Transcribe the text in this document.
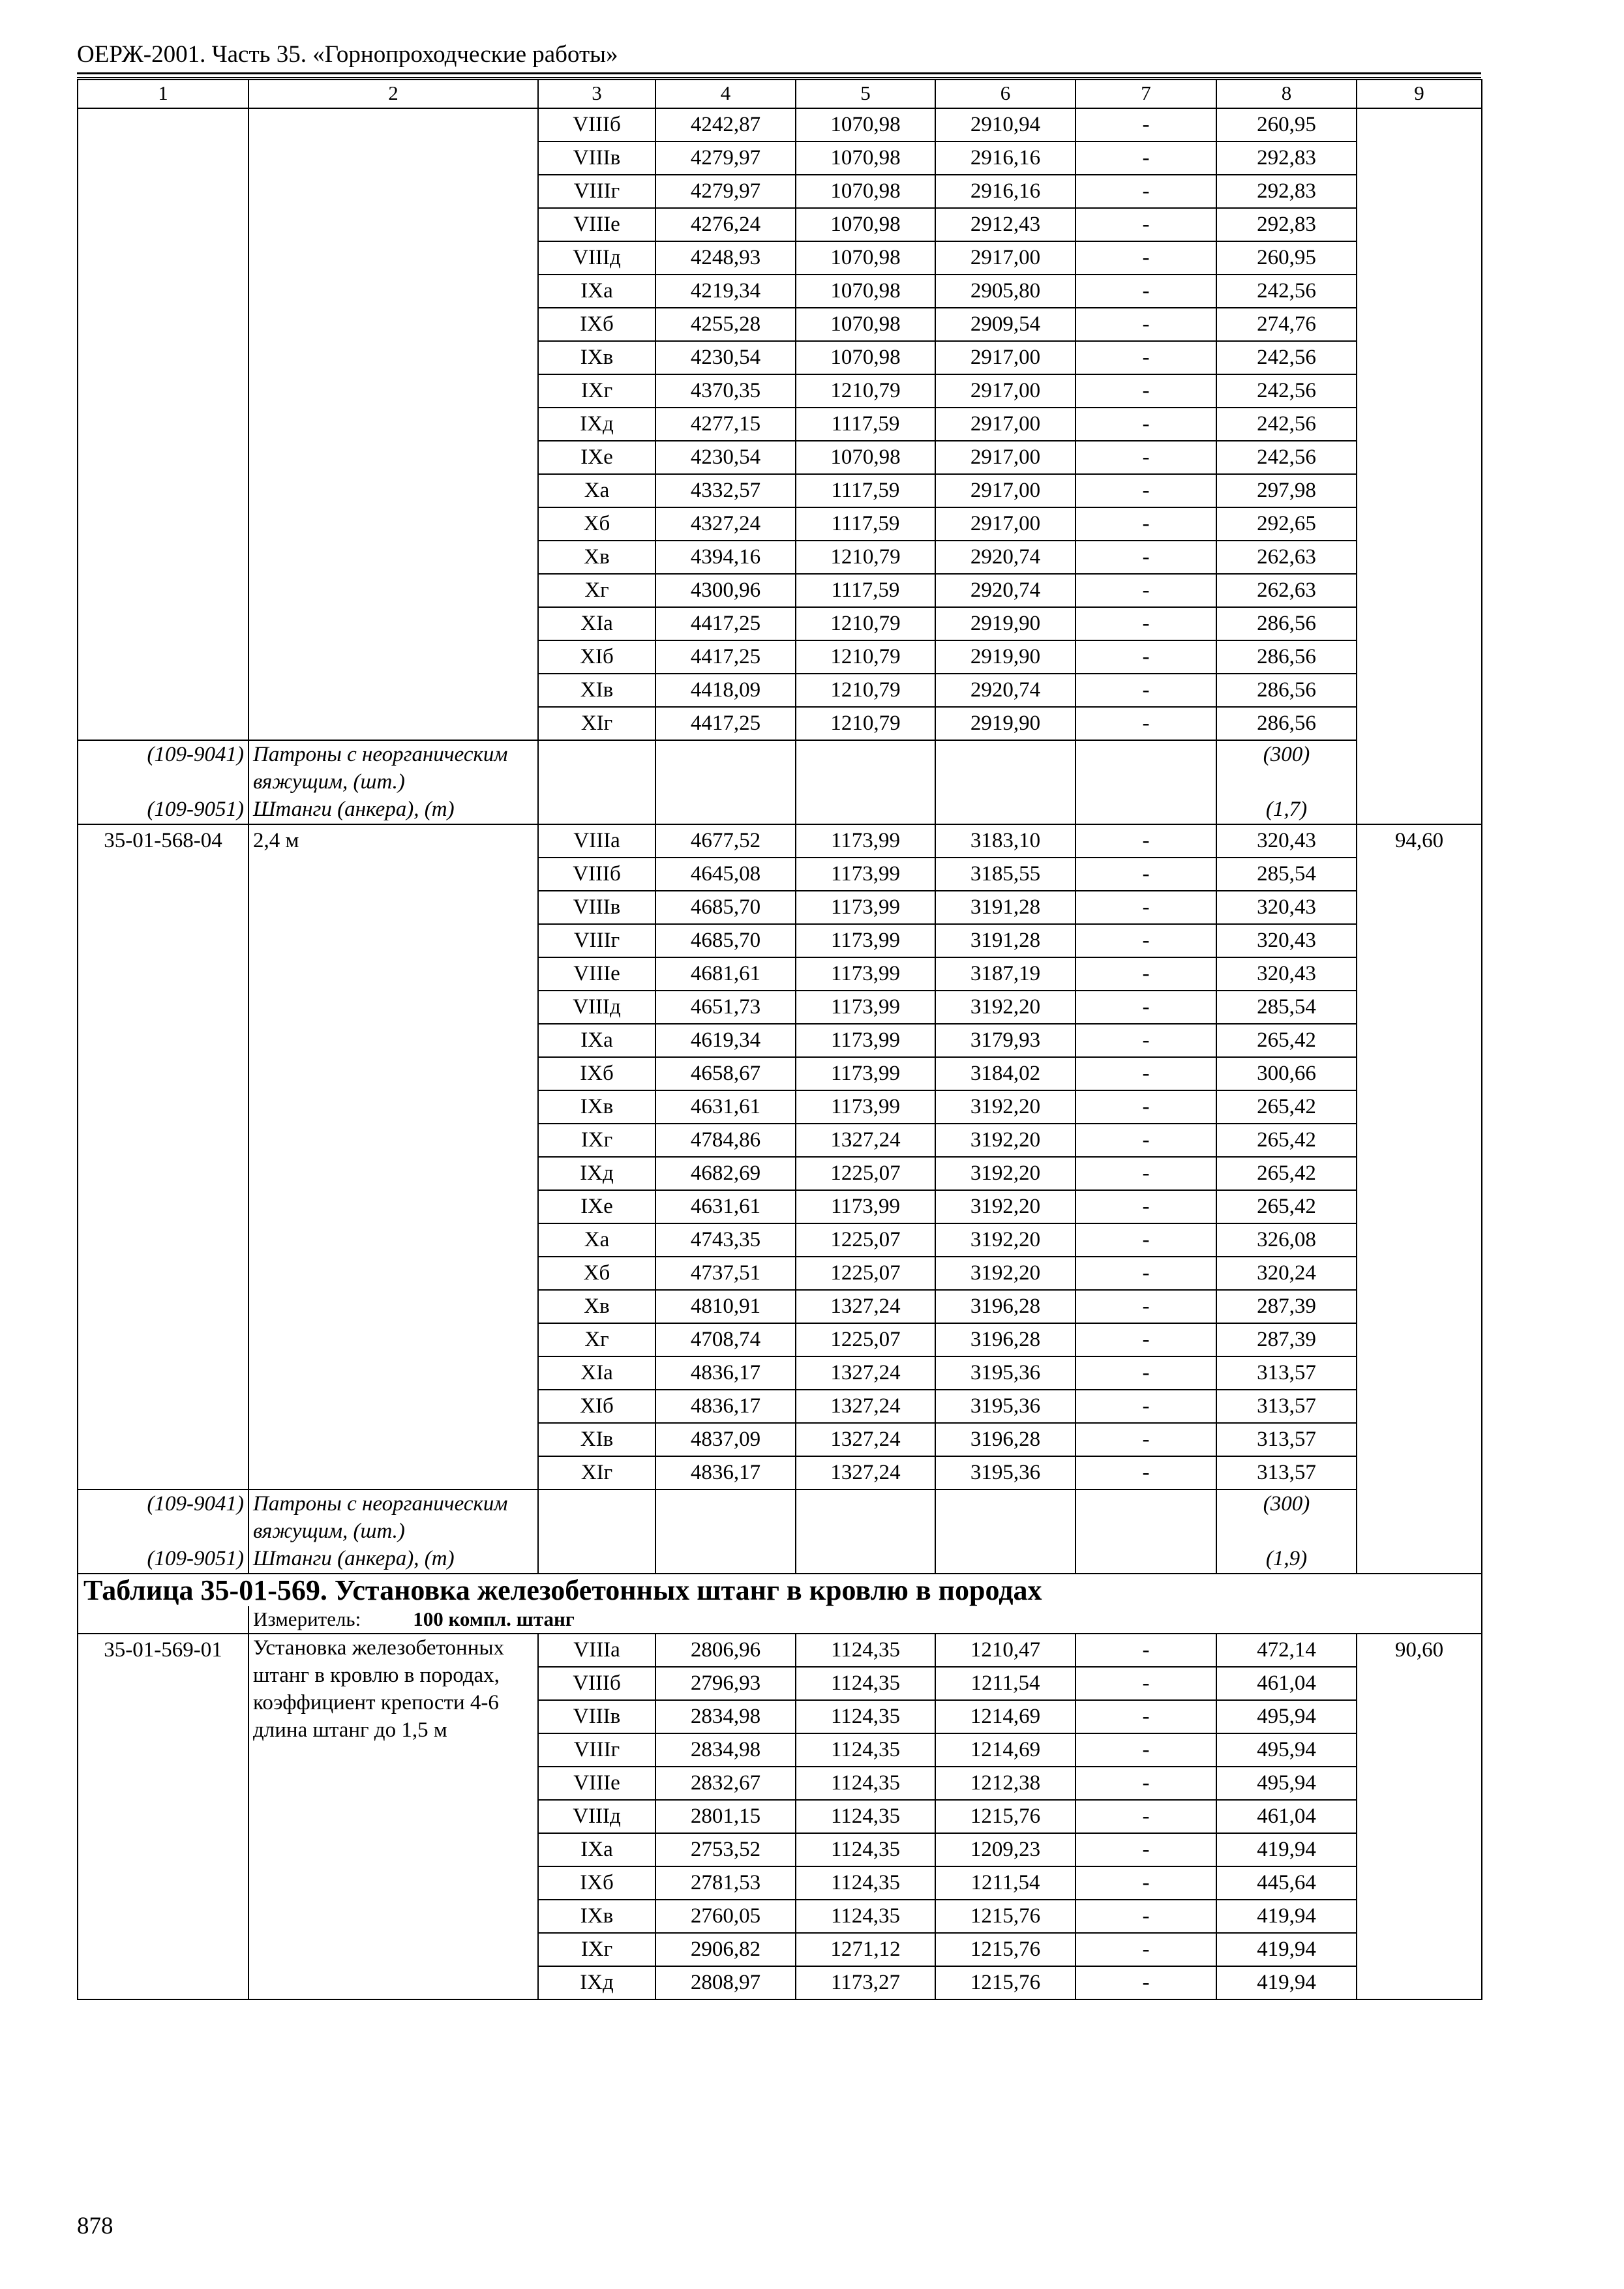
ОЕРЖ-2001. Часть 35. «Горнопроходческие работы»
1	2	3	4	5	6	7	8	9
		VIIIб	4242,87	1070,98	2910,94	-	260,95	
		VIIIв	4279,97	1070,98	2916,16	-	292,83	
		VIIIг	4279,97	1070,98	2916,16	-	292,83	
		VIIIе	4276,24	1070,98	2912,43	-	292,83	
		VIIIд	4248,93	1070,98	2917,00	-	260,95	
		IXа	4219,34	1070,98	2905,80	-	242,56	
		IXб	4255,28	1070,98	2909,54	-	274,76	
		IXв	4230,54	1070,98	2917,00	-	242,56	
		IXг	4370,35	1210,79	2917,00	-	242,56	
		IXд	4277,15	1117,59	2917,00	-	242,56	
		IXе	4230,54	1070,98	2917,00	-	242,56	
		Xа	4332,57	1117,59	2917,00	-	297,98	
		Xб	4327,24	1117,59	2917,00	-	292,65	
		Xв	4394,16	1210,79	2920,74	-	262,63	
		Xг	4300,96	1117,59	2920,74	-	262,63	
		XIа	4417,25	1210,79	2919,90	-	286,56	
		XIб	4417,25	1210,79	2919,90	-	286,56	
		XIв	4418,09	1210,79	2920,74	-	286,56	
		XIг	4417,25	1210,79	2919,90	-	286,56	
(109-9041)	Патроны с неорганическим вяжущим, (шт.)						(300)	
(109-9051)	Штанги (анкера), (т)						(1,7)	
35-01-568-04	2,4 м	VIIIа	4677,52	1173,99	3183,10	-	320,43	94,60
		VIIIб	4645,08	1173,99	3185,55	-	285,54	
		VIIIв	4685,70	1173,99	3191,28	-	320,43	
		VIIIг	4685,70	1173,99	3191,28	-	320,43	
		VIIIе	4681,61	1173,99	3187,19	-	320,43	
		VIIIд	4651,73	1173,99	3192,20	-	285,54	
		IXа	4619,34	1173,99	3179,93	-	265,42	
		IXб	4658,67	1173,99	3184,02	-	300,66	
		IXв	4631,61	1173,99	3192,20	-	265,42	
		IXг	4784,86	1327,24	3192,20	-	265,42	
		IXд	4682,69	1225,07	3192,20	-	265,42	
		IXе	4631,61	1173,99	3192,20	-	265,42	
		Xа	4743,35	1225,07	3192,20	-	326,08	
		Xб	4737,51	1225,07	3192,20	-	320,24	
		Xв	4810,91	1327,24	3196,28	-	287,39	
		Xг	4708,74	1225,07	3196,28	-	287,39	
		XIа	4836,17	1327,24	3195,36	-	313,57	
		XIб	4836,17	1327,24	3195,36	-	313,57	
		XIв	4837,09	1327,24	3196,28	-	313,57	
		XIг	4836,17	1327,24	3195,36	-	313,57	
(109-9041)	Патроны с неорганическим вяжущим, (шт.)						(300)	
(109-9051)	Штанги (анкера), (т)						(1,9)	
Таблица 35-01-569. Установка железобетонных штанг в кровлю в породах								
	Измеритель: 100 компл. штанг							
35-01-569-01	Установка железобетонных штанг в кровлю в породах, коэффициент крепости 4-6 длина штанг до 1,5 м	VIIIа	2806,96	1124,35	1210,47	-	472,14	90,60
		VIIIб	2796,93	1124,35	1211,54	-	461,04	
		VIIIв	2834,98	1124,35	1214,69	-	495,94	
		VIIIг	2834,98	1124,35	1214,69	-	495,94	
		VIIIе	2832,67	1124,35	1212,38	-	495,94	
		VIIIд	2801,15	1124,35	1215,76	-	461,04	
		IXа	2753,52	1124,35	1209,23	-	419,94	
		IXб	2781,53	1124,35	1211,54	-	445,64	
		IXв	2760,05	1124,35	1215,76	-	419,94	
		IXг	2906,82	1271,12	1215,76	-	419,94	
		IXд	2808,97	1173,27	1215,76	-	419,94	
878
